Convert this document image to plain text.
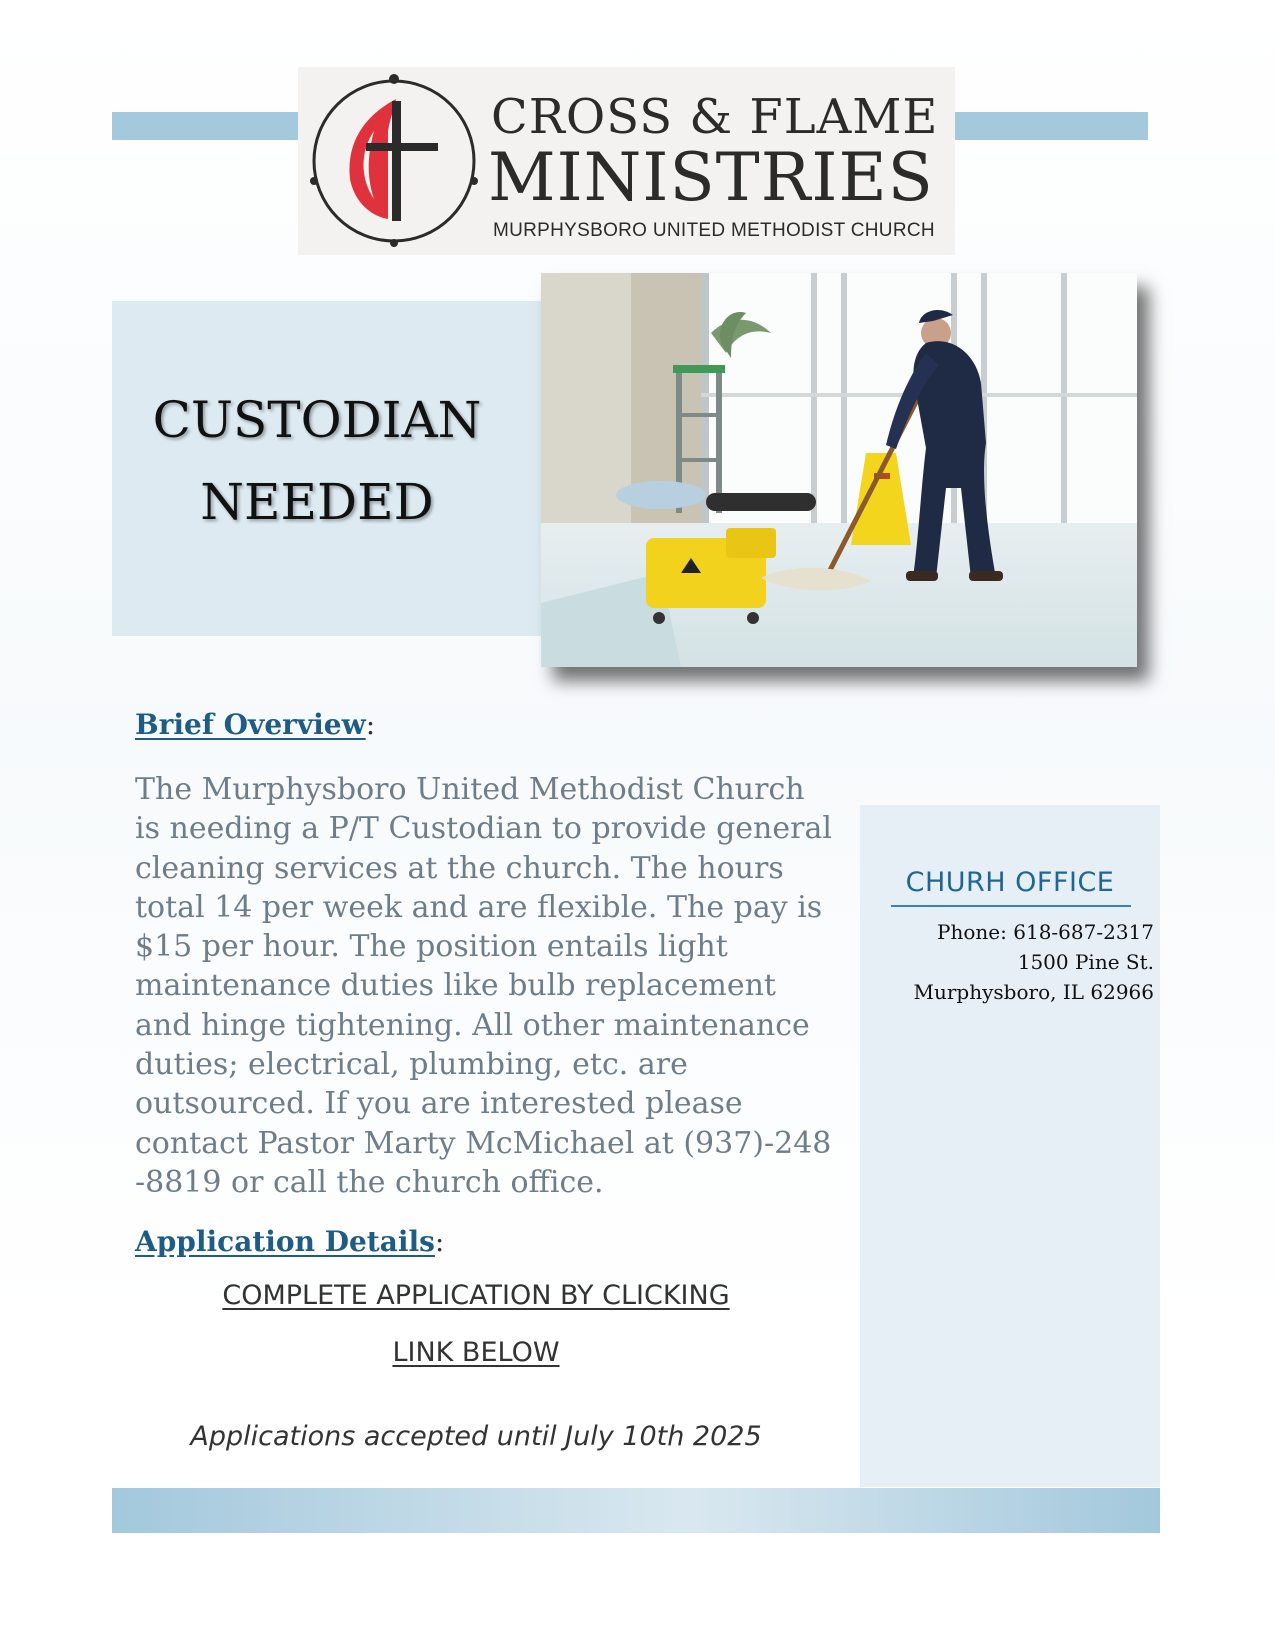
CROSS & FLAME
MINISTRIES
MURPHYSBORO UNITED METHODIST CHURCH
CUSTODIAN
NEEDED
Brief Overview:
The Murphysboro United Methodist Church is needing a P/T Custodian to provide general cleaning services at the church. The hours total 14 per week and are flexible. The pay is $15 per hour. The position entails light maintenance duties like bulb replacement and hinge tightening. All other maintenance duties; electrical, plumbing, etc. are outsourced. If you are interested please contact Pastor Marty McMichael at (937)-248 -8819 or call the church office.
Application Details:
COMPLETE APPLICATION BY CLICKING
LINK BELOW
Applications accepted until July 10th 2025
CHURH OFFICE
Phone: 618-687-2317
1500 Pine St.
Murphysboro, IL 62966
